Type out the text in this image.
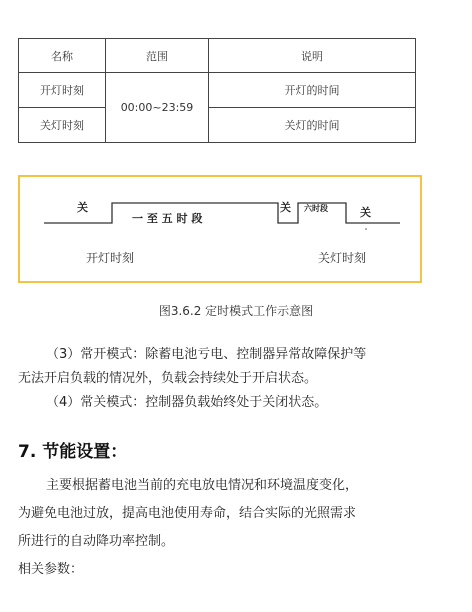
名称	范围	说明
开灯时刻	00:00~23:59	开灯的时间
关灯时刻		关灯的时间
关
一 至 五 时 段
关 六时段	关
开灯时刻	关灯时刻
图3.6.2 定时模式工作示意图
（3）常开模式：除蓄电池亏电、控制器异常故障保护等
无法开启负载的情况外，负载会持续处于开启状态。
（4）常关模式：控制器负载始终处于关闭状态。
7. 节能设置：
主要根据蓄电池当前的充电放电情况和环境温度变化，
为避免电池过放，提高电池使用寿命，结合实际的光照需求
所进行的自动降功率控制。
相关参数：
